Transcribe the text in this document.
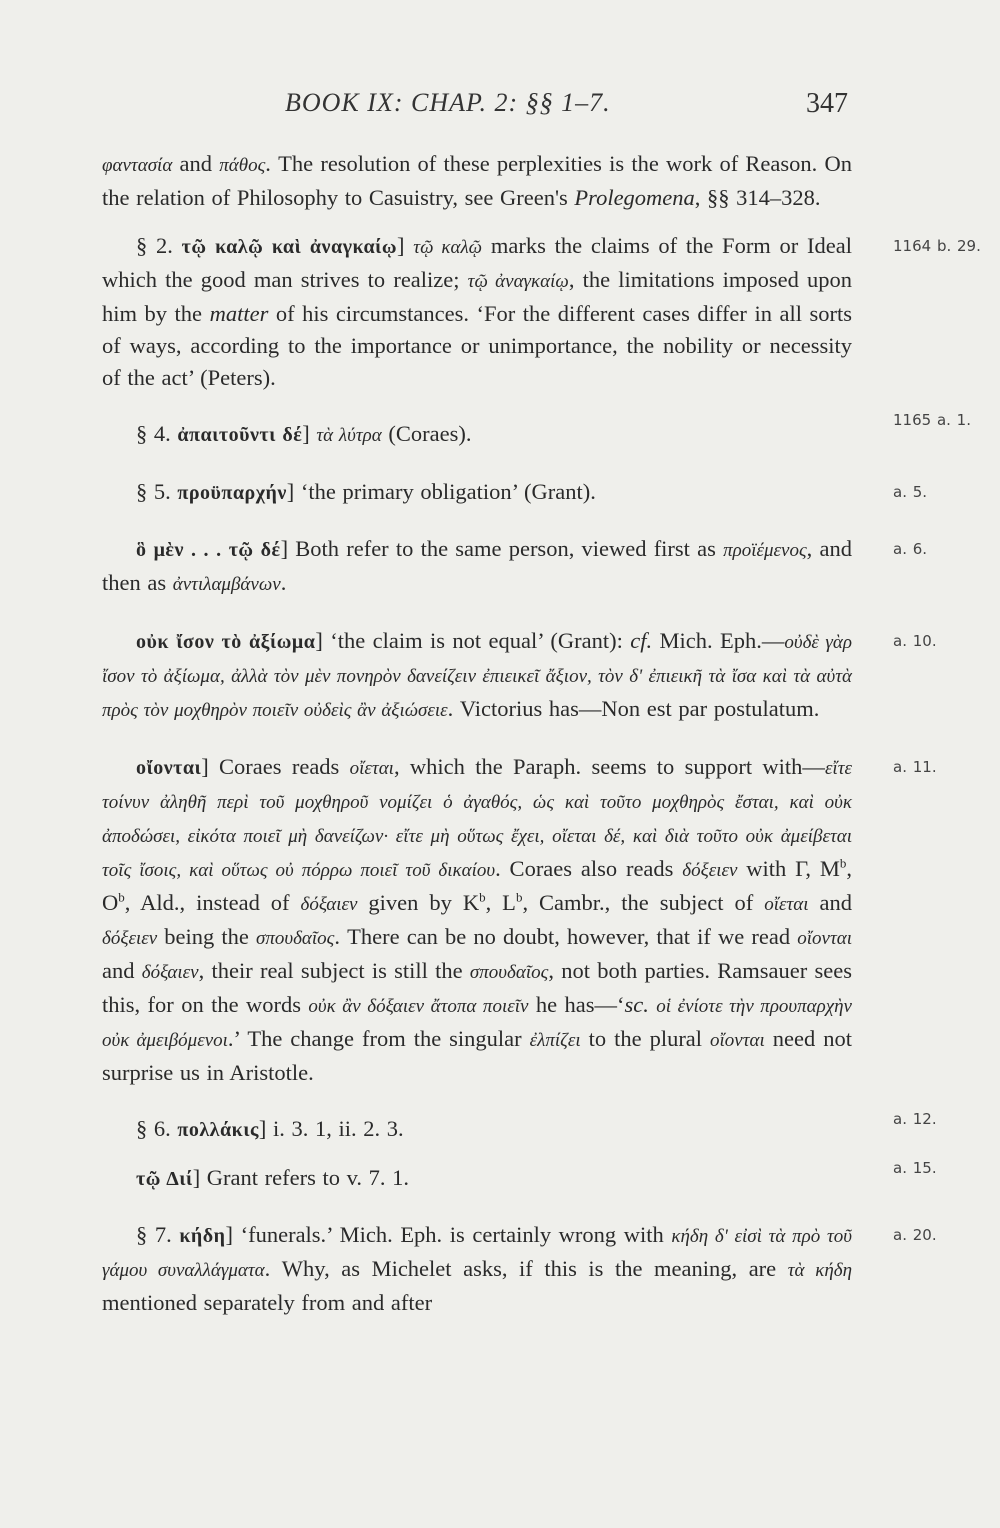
BOOK IX: CHAP. 2: §§ 1–7.	347

φαντασία and πάθος. The resolution of these perplexities is the work of Reason. On the relation of Philosophy to Casuistry, see Green's Prolegomena, §§ 314–328.

§ 2. τῷ καλῷ καὶ ἀναγκαίῳ] τῷ καλῷ marks the claims of the Form or Ideal which the good man strives to realize; τῷ ἀναγκαίῳ, the limitations imposed upon him by the matter of his circumstances. ‘For the different cases differ in all sorts of ways, according to the importance or unimportance, the nobility or necessity of the act’ (Peters).
1164 b. 29.

§ 4. ἀπαιτοῦντι δέ] τὰ λύτρα (Coraes).
1165 a. 1.

§ 5. προϋπαρχήν] ‘the primary obligation’ (Grant).	a. 5.

ὃ μὲν . . . τῷ δέ] Both refer to the same person, viewed first as προϊέμενος, and then as ἀντιλαμβάνων.
a. 6.

οὐκ ἴσον τὸ ἀξίωμα] ‘the claim is not equal’ (Grant): cf. Mich. Eph.—οὐδὲ γὰρ ἴσον τὸ ἀξίωμα, ἀλλὰ τὸν μὲν πονηρὸν δανείζειν ἐπιεικεῖ ἄξιον, τὸν δ' ἐπιεικῆ τὰ ἴσα καὶ τὰ αὐτὰ πρὸς τὸν μοχθηρὸν ποιεῖν οὐδεὶς ἂν ἀξιώσειε. Victorius has—Non est par postulatum.
a. 10.

οἴονται] Coraes reads οἴεται, which the Paraph. seems to support with—εἴτε τοίνυν ἀληθῆ περὶ τοῦ μοχθηροῦ νομίζει ὁ ἀγαθός, ὡς καὶ τοῦτο μοχθηρὸς ἔσται, καὶ οὐκ ἀποδώσει, εἰκότα ποιεῖ μὴ δανείζων· εἴτε μὴ οὕτως ἔχει, οἴεται δέ, καὶ διὰ τοῦτο οὐκ ἀμείβεται τοῖς ἴσοις, καὶ οὕτως οὐ πόρρω ποιεῖ τοῦ δικαίου. Coraes also reads δόξειεν with Γ, $M^b$, $O^b$, Ald., instead of δόξαιεν given by $K^b$, $L^b$, Cambr., the subject of οἴεται and δόξειεν being the σπουδαῖος. There can be no doubt, however, that if we read οἴονται and δόξαιεν, their real subject is still the σπουδαῖος, not both parties. Ramsauer sees this, for on the words οὐκ ἂν δόξαιεν ἄτοπα ποιεῖν he has—‘sc. οἱ ἐνίοτε τὴν προυπαρχὴν οὐκ ἀμειβόμενοι.’ The change from the singular ἐλπίζει to the plural οἴονται need not surprise us in Aristotle.
a. 11.

§ 6. πολλάκις] i. 3. 1, ii. 2. 3.	a. 12.

τῷ Διί] Grant refers to v. 7. 1.	a. 15.

§ 7. κήδη] ‘funerals.’ Mich. Eph. is certainly wrong with κήδη δ' εἰσὶ τὰ πρὸ τοῦ γάμου συναλλάγματα. Why, as Michelet asks, if this is the meaning, are τὰ κήδη mentioned separately from and after
a. 20.
